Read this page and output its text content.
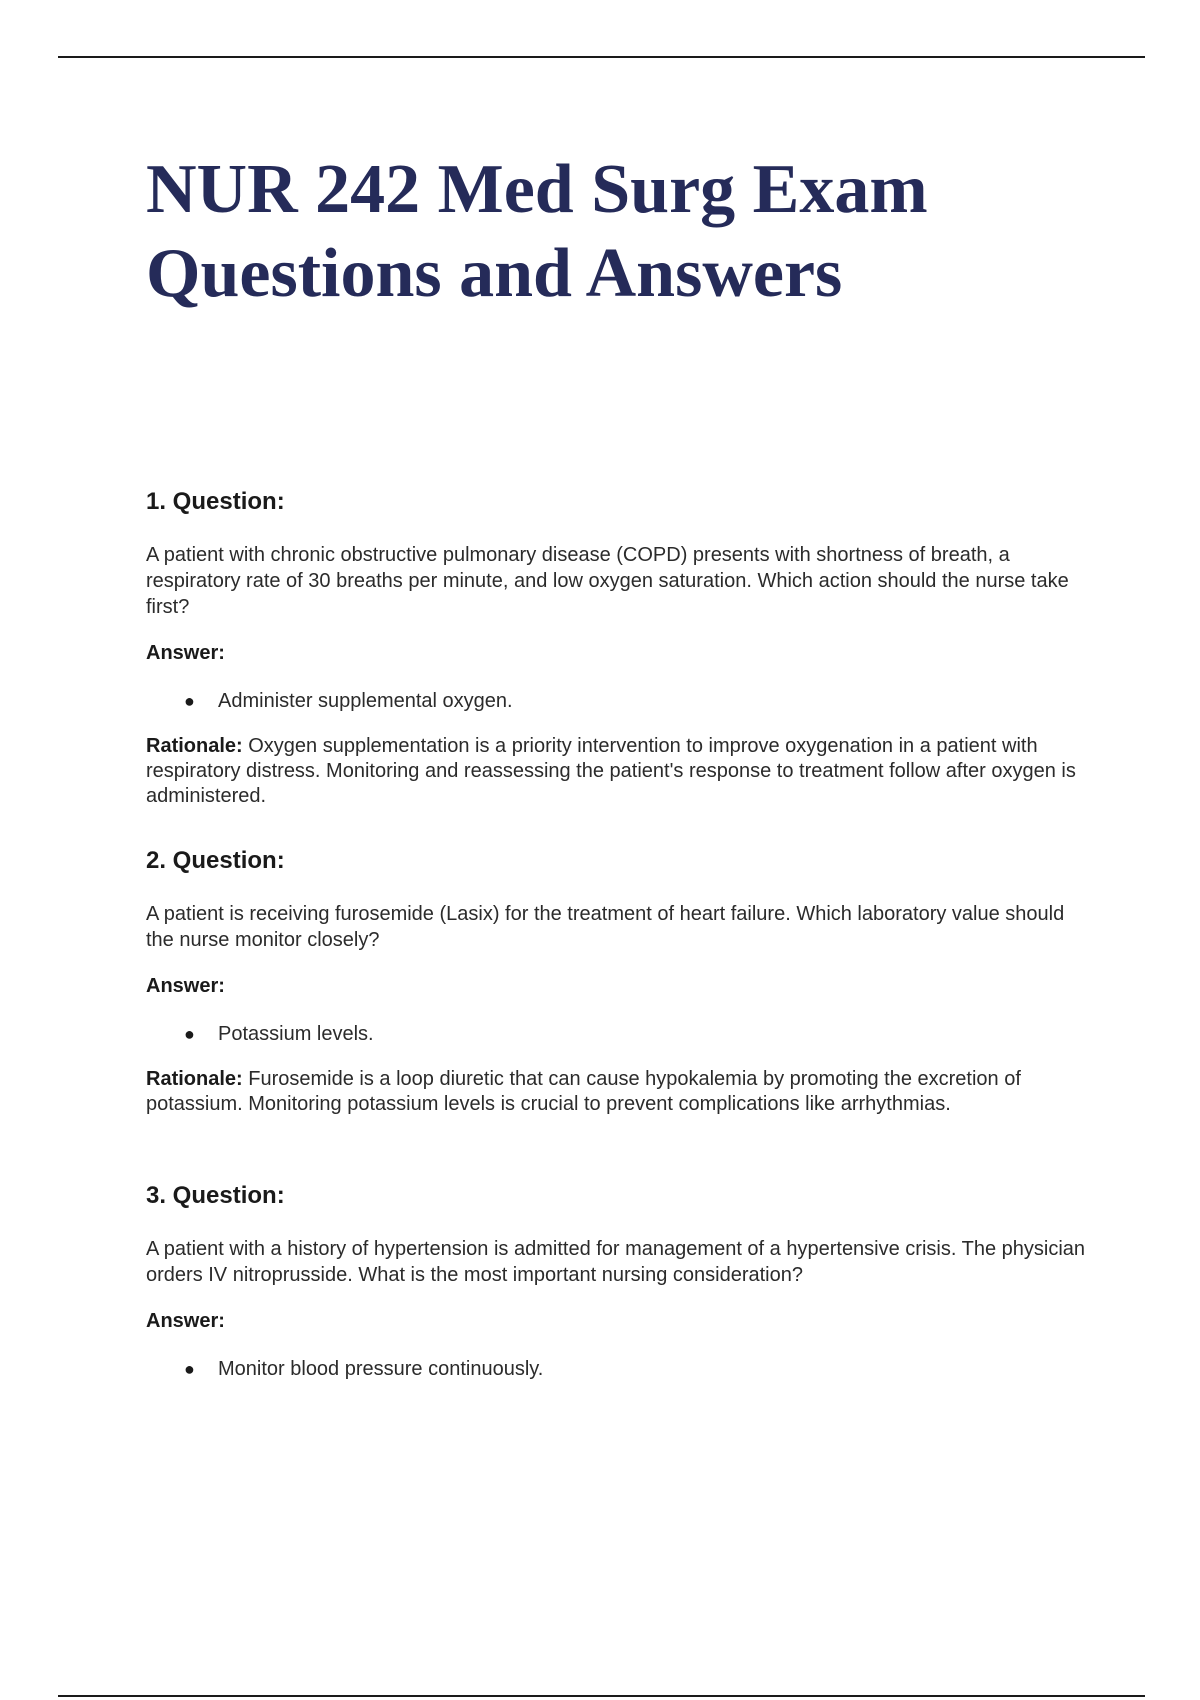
NUR 242 Med Surg Exam Questions and Answers
1. Question:

A patient with chronic obstructive pulmonary disease (COPD) presents with shortness of breath, a respiratory rate of 30 breaths per minute, and low oxygen saturation. Which action should the nurse take first?

Answer:

● Administer supplemental oxygen.

Rationale: Oxygen supplementation is a priority intervention to improve oxygenation in a patient with respiratory distress. Monitoring and reassessing the patient's response to treatment follow after oxygen is administered.

2. Question:

A patient is receiving furosemide (Lasix) for the treatment of heart failure. Which laboratory value should the nurse monitor closely?

Answer:

● Potassium levels.

Rationale: Furosemide is a loop diuretic that can cause hypokalemia by promoting the excretion of potassium. Monitoring potassium levels is crucial to prevent complications like arrhythmias.

3. Question:

A patient with a history of hypertension is admitted for management of a hypertensive crisis. The physician orders IV nitroprusside. What is the most important nursing consideration?

Answer:

● Monitor blood pressure continuously.
